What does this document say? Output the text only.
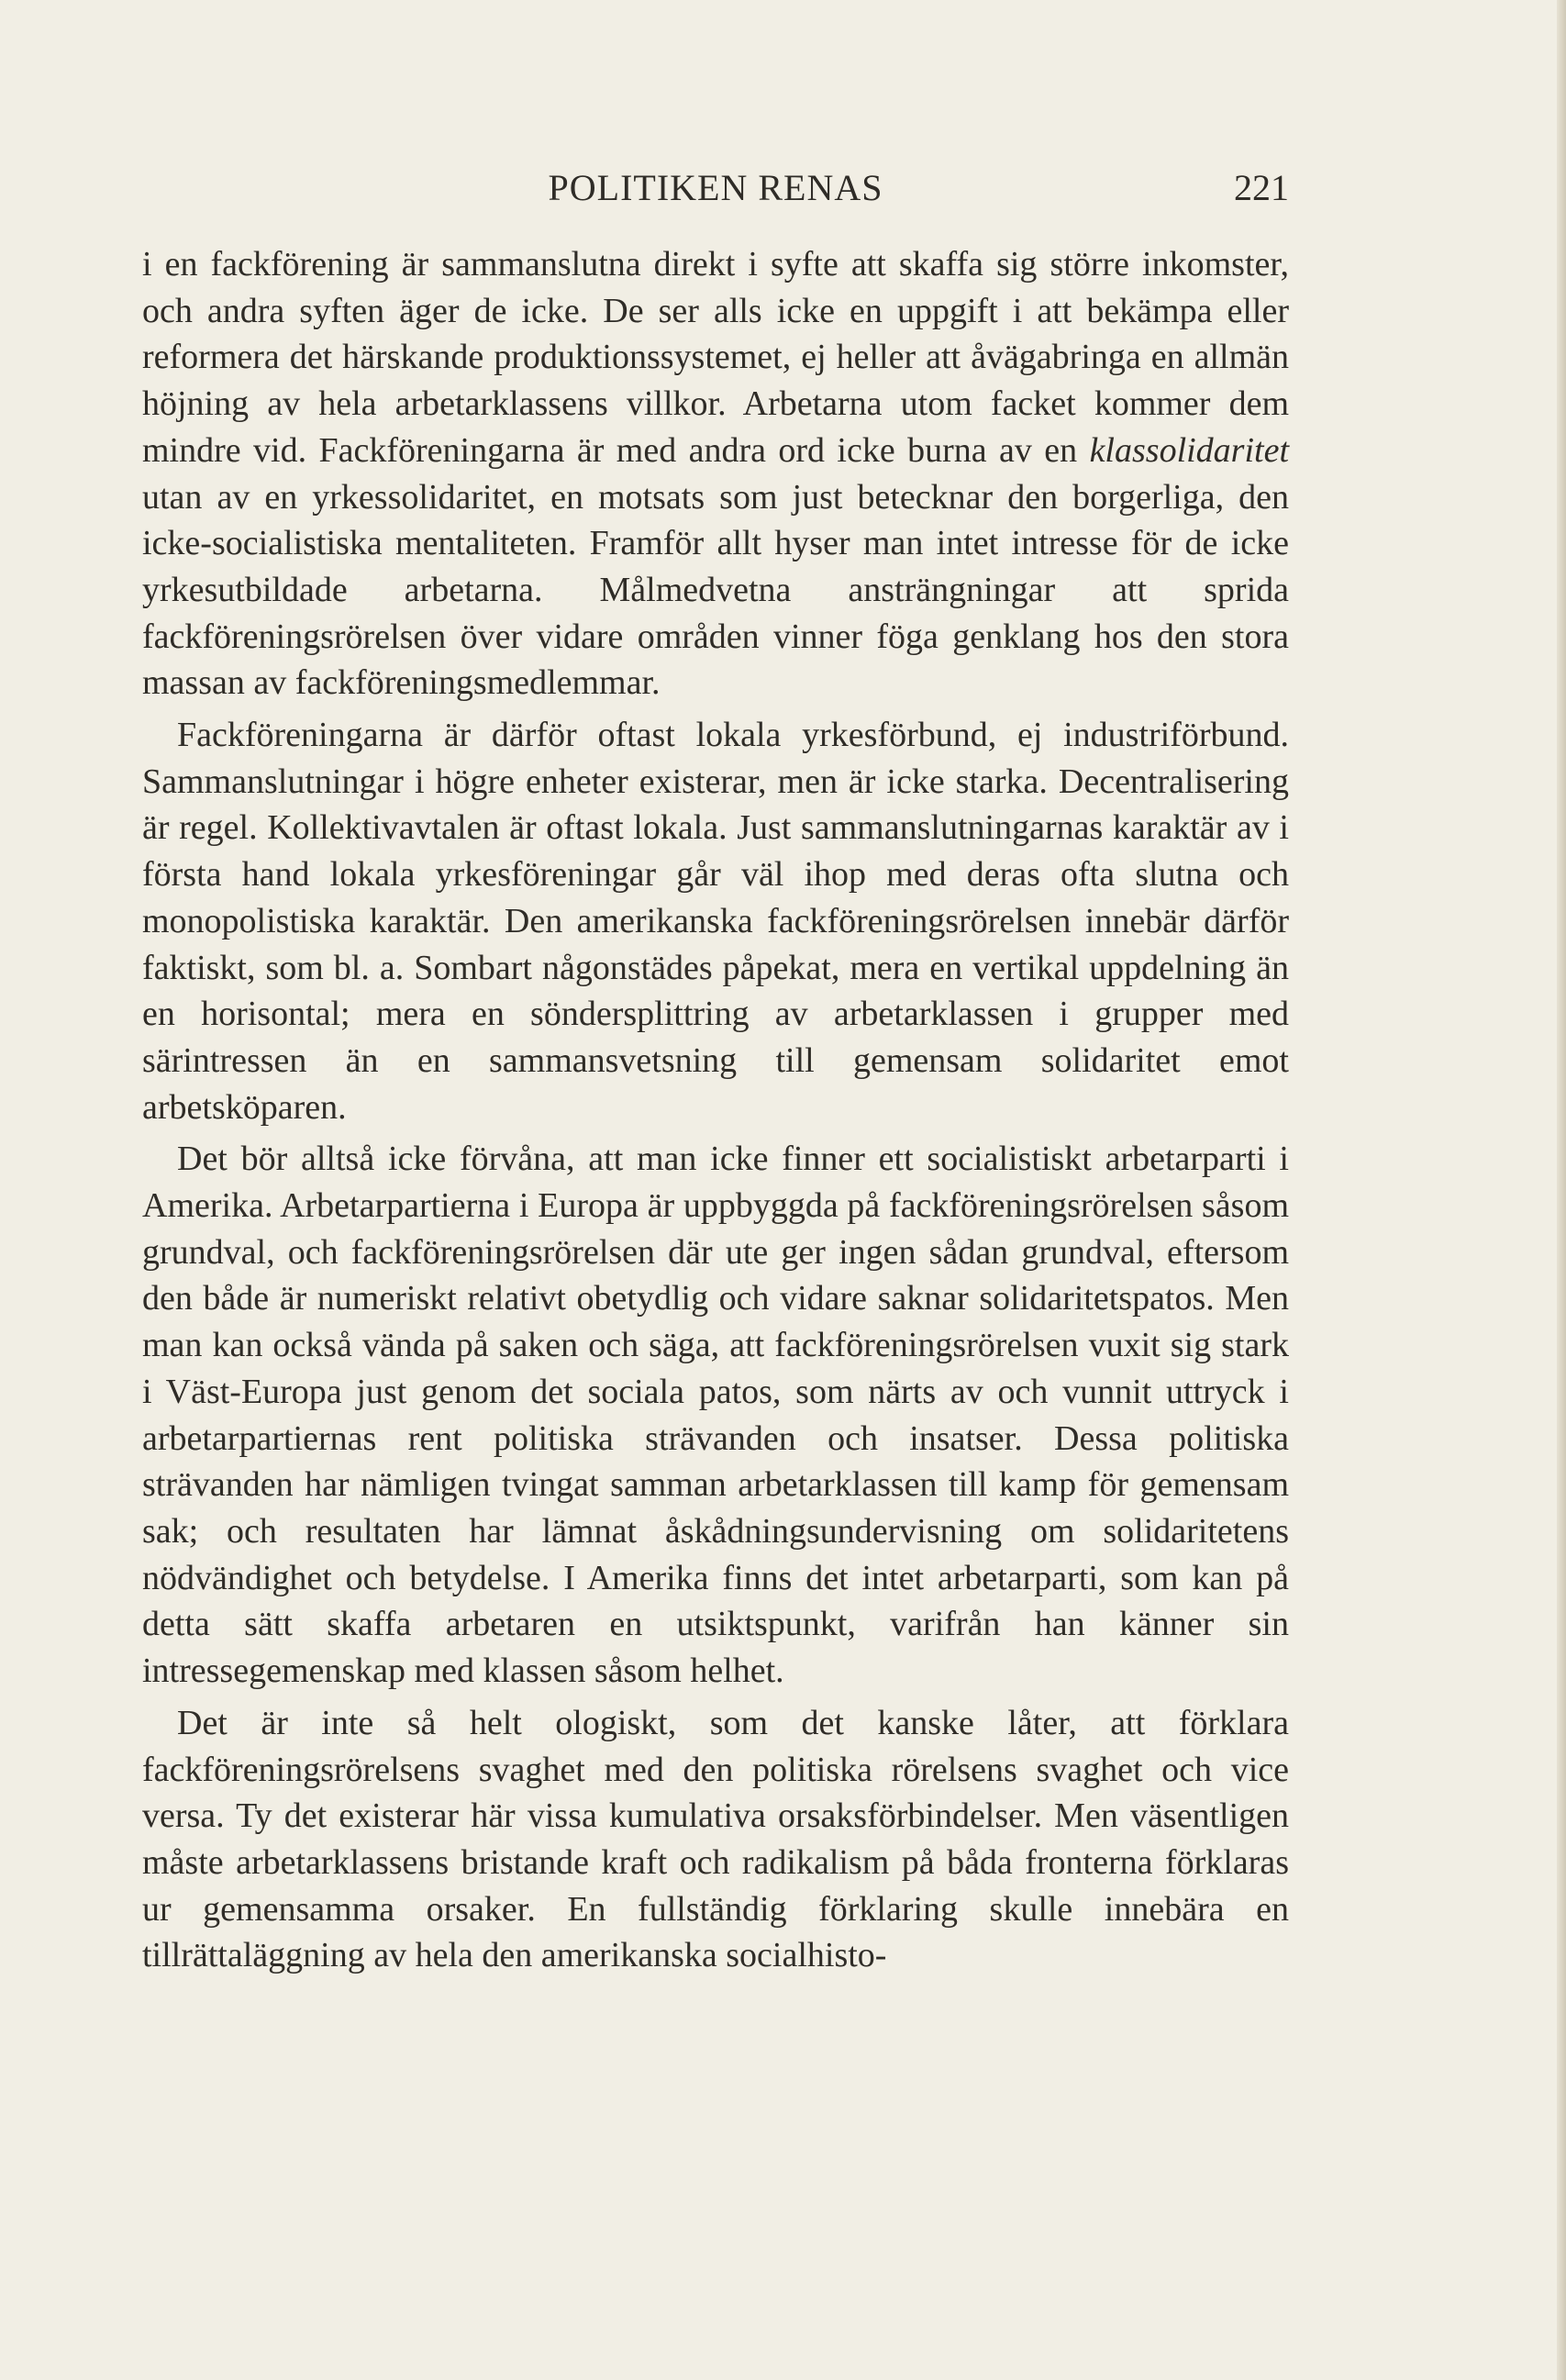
POLITIKEN RENAS	221

i en fackförening är sammanslutna direkt i syfte att skaffa sig större inkomster, och andra syften äger de icke. De ser alls icke en uppgift i att bekämpa eller reformera det härskande produktionssystemet, ej heller att åvägabringa en allmän höjning av hela arbetarklassens villkor. Arbetarna utom facket kommer dem mindre vid. Fackföreningarna är med andra ord icke burna av en klassolidaritet utan av en yrkessolidaritet, en motsats som just betecknar den borgerliga, den icke-socialistiska mentaliteten. Framför allt hyser man intet intresse för de icke yrkesutbildade arbetarna. Målmedvetna ansträngningar att sprida fackföreningsrörelsen över vidare områden vinner föga genklang hos den stora massan av fackföreningsmedlemmar.

Fackföreningarna är därför oftast lokala yrkesförbund, ej industriförbund. Sammanslutningar i högre enheter existerar, men är icke starka. Decentralisering är regel. Kollektivavtalen är oftast lokala. Just sammanslutningarnas karaktär av i första hand lokala yrkesföreningar går väl ihop med deras ofta slutna och monopolistiska karaktär. Den amerikanska fackföreningsrörelsen innebär därför faktiskt, som bl. a. Sombart någonstädes påpekat, mera en vertikal uppdelning än en horisontal; mera en söndersplittring av arbetarklassen i grupper med särintressen än en sammansvetsning till gemensam solidaritet emot arbetsköparen.

Det bör alltså icke förvåna, att man icke finner ett socialistiskt arbetarparti i Amerika. Arbetarpartierna i Europa är uppbyggda på fackföreningsrörelsen såsom grundval, och fackföreningsrörelsen där ute ger ingen sådan grundval, eftersom den både är numeriskt relativt obetydlig och vidare saknar solidaritetspatos. Men man kan också vända på saken och säga, att fackföreningsrörelsen vuxit sig stark i Väst-Europa just genom det sociala patos, som närts av och vunnit uttryck i arbetarpartiernas rent politiska strävanden och insatser. Dessa politiska strävanden har nämligen tvingat samman arbetarklassen till kamp för gemensam sak; och resultaten har lämnat åskådningsundervisning om solidaritetens nödvändighet och betydelse. I Amerika finns det intet arbetarparti, som kan på detta sätt skaffa arbetaren en utsiktspunkt, varifrån han känner sin intressegemenskap med klassen såsom helhet.

Det är inte så helt ologiskt, som det kanske låter, att förklara fackföreningsrörelsens svaghet med den politiska rörelsens svaghet och vice versa. Ty det existerar här vissa kumulativa orsaksförbindelser. Men väsentligen måste arbetarklassens bristande kraft och radikalism på båda fronterna förklaras ur gemensamma orsaker. En fullständig förklaring skulle innebära en tillrättaläggning av hela den amerikanska socialhisto-
